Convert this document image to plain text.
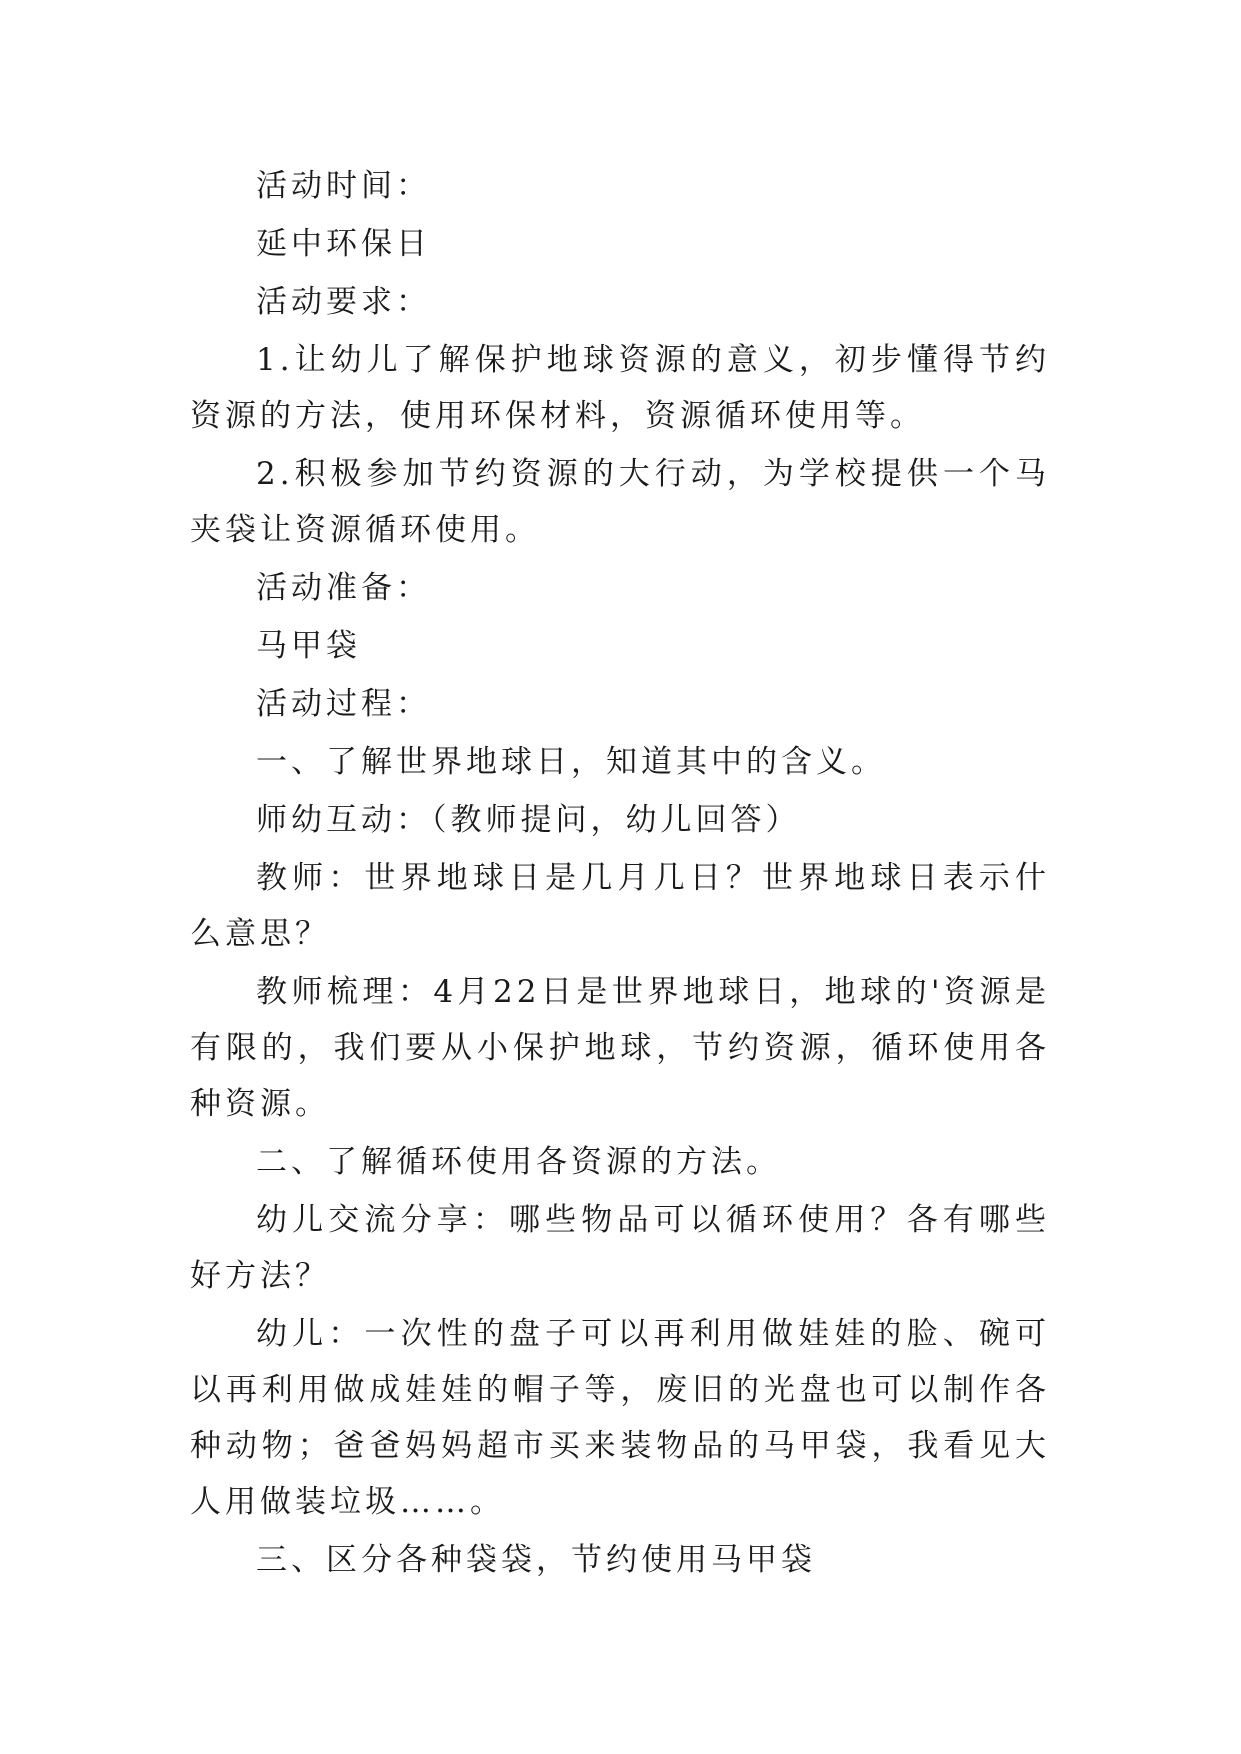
活动时间：

延中环保日

活动要求：

1.让幼儿了解保护地球资源的意义，初步懂得节约资源的方法，使用环保材料，资源循环使用等。

2.积极参加节约资源的大行动，为学校提供一个马夹袋让资源循环使用。

活动准备：

马甲袋

活动过程：

一、了解世界地球日，知道其中的含义。

师幼互动：（教师提问，幼儿回答）

教师：世界地球日是几月几日？世界地球日表示什么意思？

教师梳理：4月22日是世界地球日，地球的'资源是有限的，我们要从小保护地球，节约资源，循环使用各种资源。

二、了解循环使用各资源的方法。

幼儿交流分享：哪些物品可以循环使用？各有哪些好方法？

幼儿：一次性的盘子可以再利用做娃娃的脸、碗可以再利用做成娃娃的帽子等，废旧的光盘也可以制作各种动物；爸爸妈妈超市买来装物品的马甲袋，我看见大人用做装垃圾……。

三、区分各种袋袋，节约使用马甲袋
